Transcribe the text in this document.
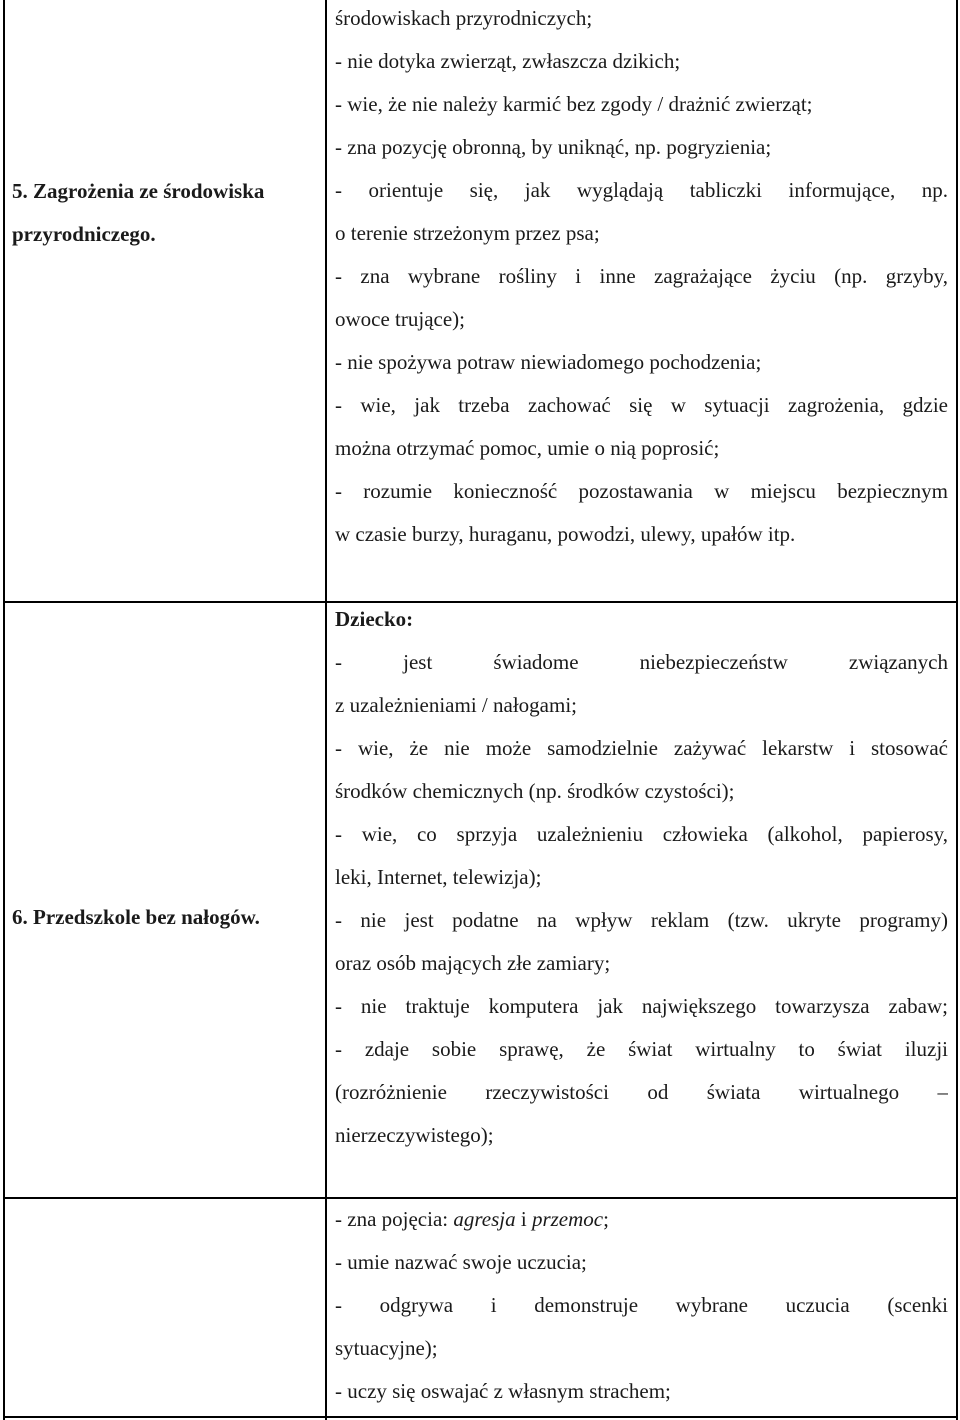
5. Zagrożenia ze środowiska
przyrodniczego.
środowiskach przyrodniczych;
- nie dotyka zwierząt, zwłaszcza dzikich;
- wie, że nie należy karmić bez zgody / drażnić zwierząt;
- zna pozycję obronną, by uniknąć, np. pogryzienia;
- orientuje się, jak wyglądają tabliczki informujące, np.
o terenie strzeżonym przez psa;
- zna wybrane rośliny i inne zagrażające życiu (np. grzyby,
owoce trujące);
- nie spożywa potraw niewiadomego pochodzenia;
- wie, jak trzeba zachować się w sytuacji zagrożenia, gdzie
można otrzymać pomoc, umie o nią poprosić;
- rozumie konieczność pozostawania w miejscu bezpiecznym
w czasie burzy, huraganu, powodzi, ulewy, upałów itp.
6. Przedszkole bez nałogów.
Dziecko:
- jest świadome niebezpieczeństw związanych
z uzależnieniami / nałogami;
- wie, że nie może samodzielnie zażywać lekarstw i stosować
środków chemicznych (np. środków czystości);
- wie, co sprzyja uzależnieniu człowieka (alkohol, papierosy,
leki, Internet, telewizja);
- nie jest podatne na wpływ reklam (tzw. ukryte programy)
oraz osób mających złe zamiary;
- nie traktuje komputera jak największego towarzysza zabaw;
- zdaje sobie sprawę, że świat wirtualny to świat iluzji
(rozróżnienie rzeczywistości od świata wirtualnego –
nierzeczywistego);
- zna pojęcia: agresja i przemoc;
- umie nazwać swoje uczucia;
- odgrywa i demonstruje wybrane uczucia (scenki
sytuacyjne);
- uczy się oswajać z własnym strachem;
